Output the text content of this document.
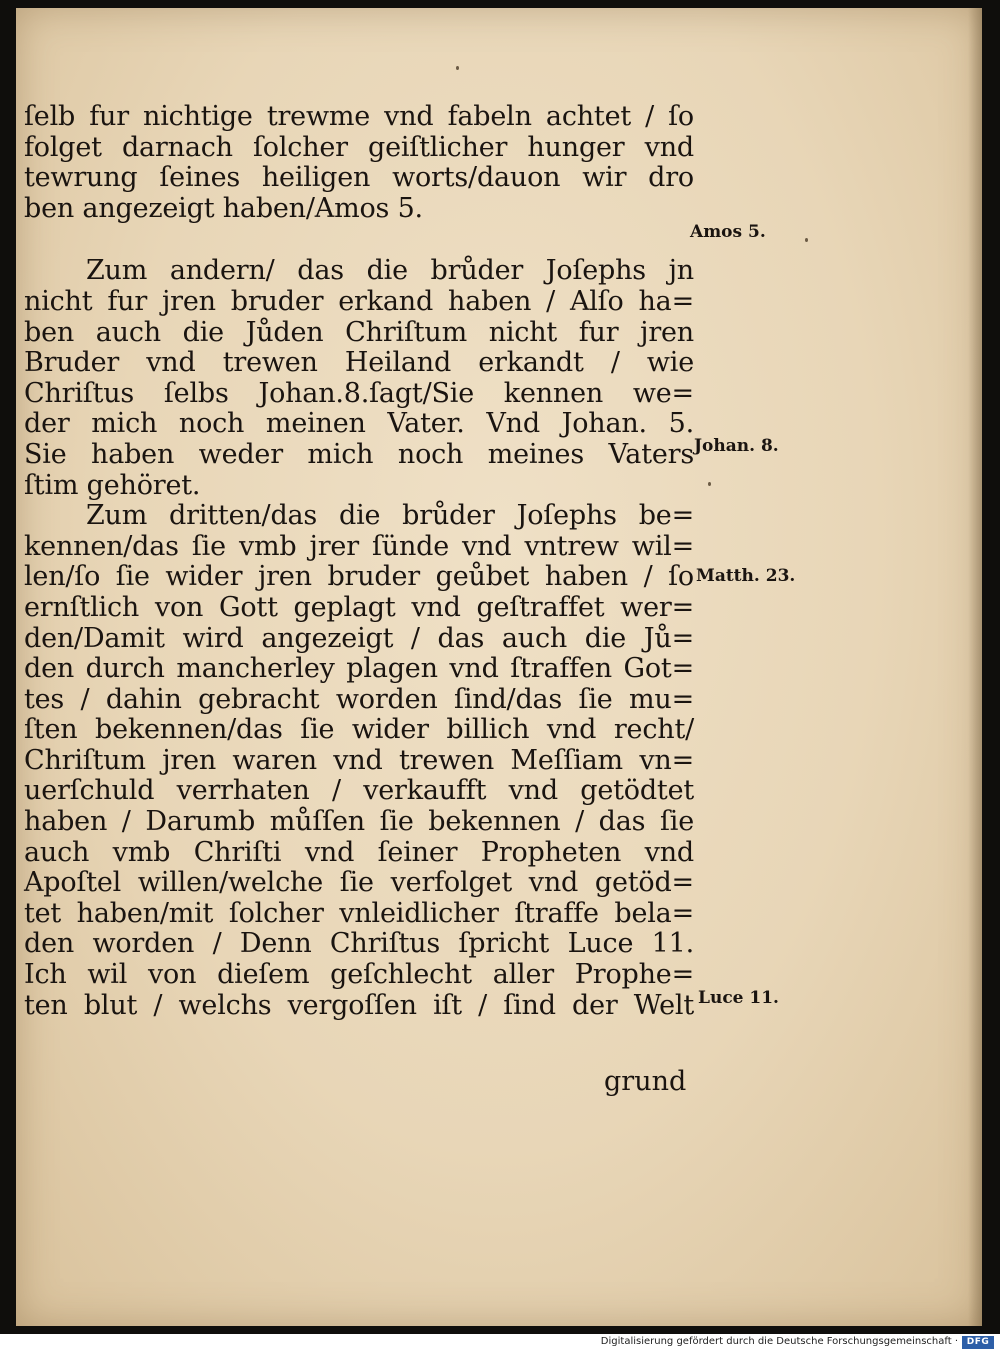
ſelb fur nichtige trewme vnd fabeln achtet / ſo
folget darnach ſolcher geiſtlicher hunger vnd
tewrung ſeines heiligen worts/dauon wir dro
ben angezeigt haben/Amos 5.
Zum andern/ das die brůder Joſephs jn
nicht fur jren bruder erkand haben / Alſo ha=
ben auch die Jůden Chriſtum nicht fur jren
Bruder vnd trewen Heiland erkandt / wie
Chriſtus ſelbs Johan.8.ſagt/Sie kennen we=
der mich noch meinen Vater. Vnd Johan. 5.
Sie haben weder mich noch meines Vaters
ſtim gehöret.
Zum dritten/das die brůder Joſephs be=
kennen/das ſie vmb jrer ſünde vnd vntrew wil=
len/ſo ſie wider jren bruder geůbet haben / ſo
ernſtlich von Gott geplagt vnd geſtraffet wer=
den/Damit wird angezeigt / das auch die Jů=
den durch mancherley plagen vnd ſtraffen Got=
tes / dahin gebracht worden ſind/das ſie mu=
ſten bekennen/das ſie wider billich vnd recht/
Chriſtum jren waren vnd trewen Meſſiam vn=
uerſchuld verrhaten / verkaufft vnd getödtet
haben / Darumb můſſen ſie bekennen / das ſie
auch vmb Chriſti vnd ſeiner Propheten vnd
Apoſtel willen/welche ſie verfolget vnd getöd=
tet haben/mit ſolcher vnleidlicher ſtraffe bela=
den worden / Denn Chriſtus ſpricht Luce 11.
Ich wil von dieſem geſchlecht aller Prophe=
ten blut / welchs vergoſſen iſt / ſind der Welt
grund
Amos 5.
Johan. 8.
Matth. 23.
Luce 11.
Digitalisierung gefördert durch die Deutsche Forschungsgemeinschaft · DFG
